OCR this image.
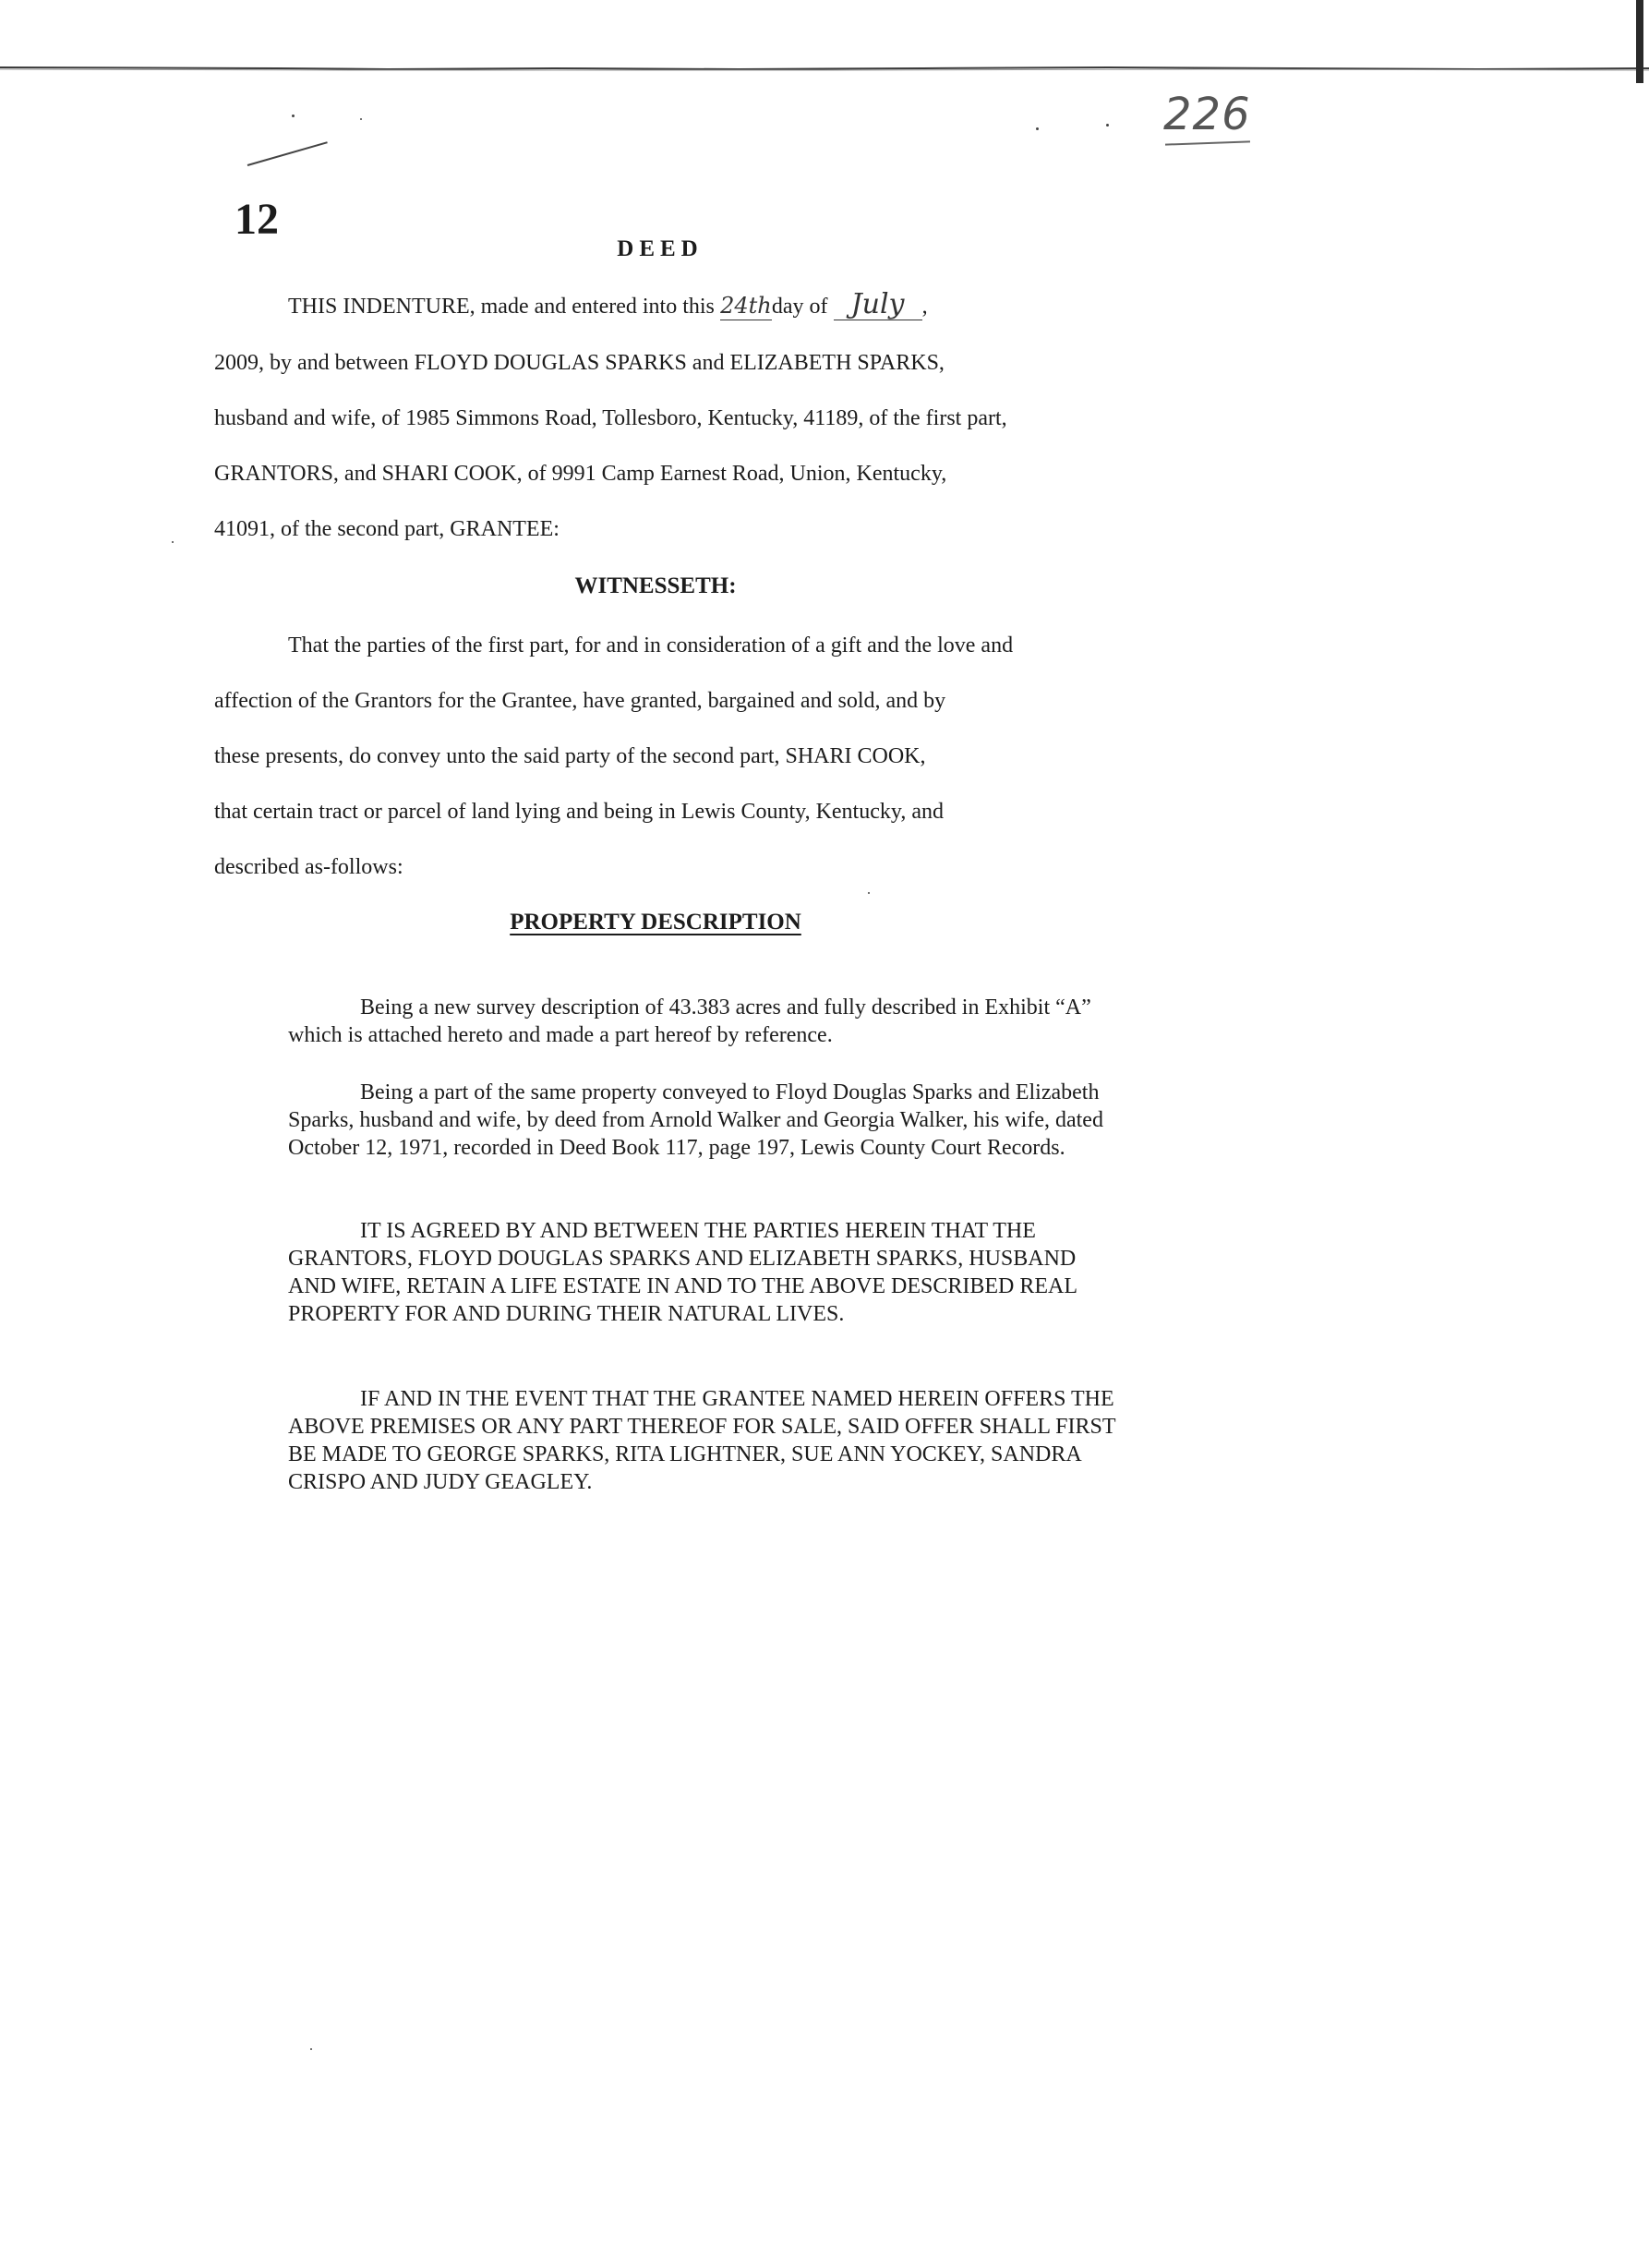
226
12
DEED
THIS INDENTURE, made and entered into this 24thday of July ,
2009, by and between FLOYD DOUGLAS SPARKS and ELIZABETH SPARKS,
husband and wife, of 1985 Simmons Road, Tollesboro, Kentucky, 41189, of the first part,
GRANTORS, and SHARI COOK, of 9991 Camp Earnest Road, Union, Kentucky,
41091, of the second part, GRANTEE:
WITNESSETH:
That the parties of the first part, for and in consideration of a gift and the love and
affection of the Grantors for the Grantee, have granted, bargained and sold, and by
these presents, do convey unto the said party of the second part, SHARI COOK,
that certain tract or parcel of land lying and being in Lewis County, Kentucky, and
described as-follows:
PROPERTY DESCRIPTION

Being a new survey description of 43.383 acres and fully described in Exhibit “A” which is attached hereto and made a part hereof by reference.

Being a part of the same property conveyed to Floyd Douglas Sparks and Elizabeth Sparks, husband and wife, by deed from Arnold Walker and Georgia Walker, his wife, dated October 12, 1971, recorded in Deed Book 117, page 197, Lewis County Court Records.

IT IS AGREED BY AND BETWEEN THE PARTIES HEREIN THAT THE GRANTORS, FLOYD DOUGLAS SPARKS AND ELIZABETH SPARKS, HUSBAND AND WIFE, RETAIN A LIFE ESTATE IN AND TO THE ABOVE DESCRIBED REAL PROPERTY FOR AND DURING THEIR NATURAL LIVES.

IF AND IN THE EVENT THAT THE GRANTEE NAMED HEREIN OFFERS THE ABOVE PREMISES OR ANY PART THEREOF FOR SALE, SAID OFFER SHALL FIRST BE MADE TO GEORGE SPARKS, RITA LIGHTNER, SUE ANN YOCKEY, SANDRA CRISPO AND JUDY GEAGLEY.
